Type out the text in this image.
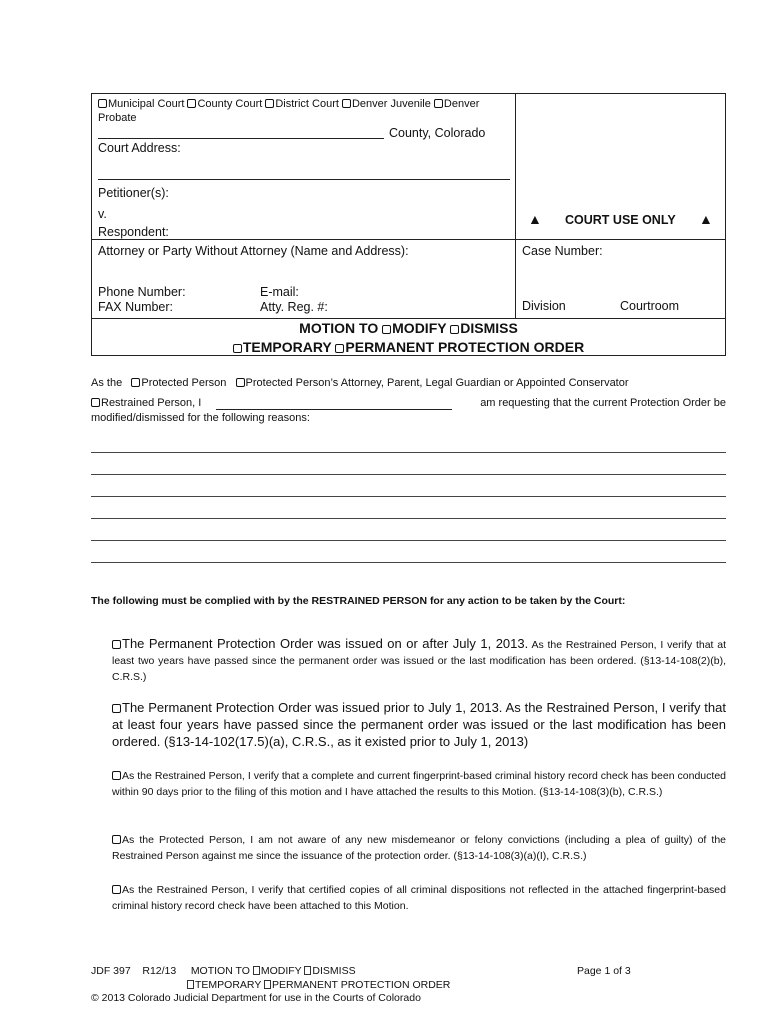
Municipal Court County Court District Court Denver Juvenile Denver
Probate
County, Colorado
Court Address:
Petitioner(s):
v.
Respondent:
▲ COURT USE ONLY ▲
Attorney or Party Without Attorney (Name and Address):	Case Number:
Phone Number:	E-mail:
FAX Number:	Atty. Reg. #:	Division	Courtroom
MOTION TO MODIFY DISMISS
TEMPORARY PERMANENT PROTECTION ORDER
As the Protected Person Protected Person’s Attorney, Parent, Legal Guardian or Appointed Conservator
Restrained Person, I	am requesting that the current Protection Order be
modified/dismissed for the following reasons:
The following must be complied with by the RESTRAINED PERSON for any action to be taken by the Court:
The Permanent Protection Order was issued on or after July 1, 2013. As the Restrained Person, I verify that at least two years have passed since the permanent order was issued or the last modification has been ordered. (§13-14-108(2)(b), C.R.S.)
The Permanent Protection Order was issued prior to July 1, 2013. As the Restrained Person, I verify that at least four years have passed since the permanent order was issued or the last modification has been ordered. (§13-14-102(17.5)(a), C.R.S., as it existed prior to July 1, 2013)
As the Restrained Person, I verify that a complete and current fingerprint-based criminal history record check has been conducted within 90 days prior to the filing of this motion and I have attached the results to this Motion. (§13-14-108(3)(b), C.R.S.)
As the Protected Person, I am not aware of any new misdemeanor or felony convictions (including a plea of guilty) of the Restrained Person against me since the issuance of the protection order. (§13-14-108(3)(a)(I), C.R.S.)
As the Restrained Person, I verify that certified copies of all criminal dispositions not reflected in the attached fingerprint-based criminal history record check have been attached to this Motion.
JDF 397 R12/13 MOTION TO MODIFY DISMISS	Page 1 of 3
TEMPORARY PERMANENT PROTECTION ORDER
© 2013 Colorado Judicial Department for use in the Courts of Colorado
